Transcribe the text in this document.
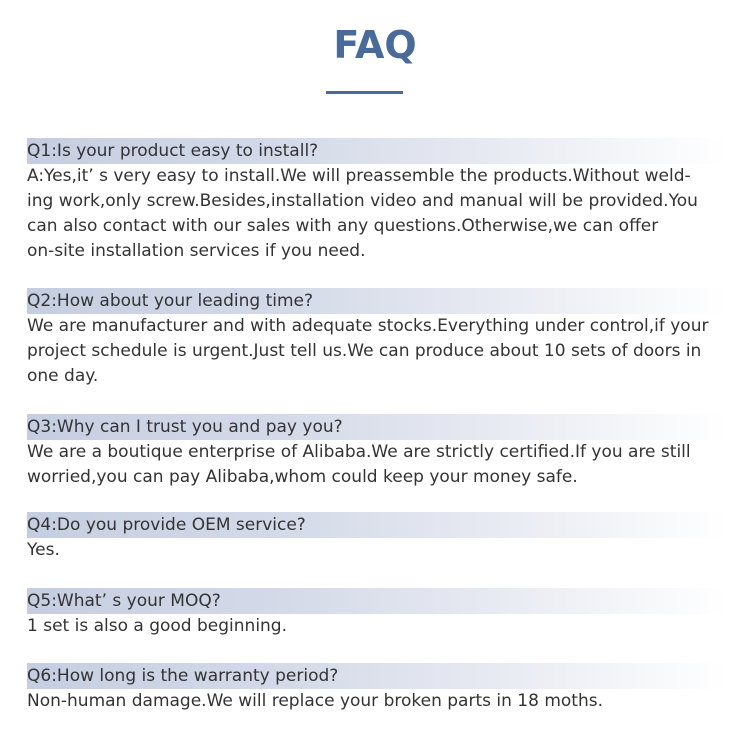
FAQ
Q1:Is your product easy to install?

A:Yes,it’ s very easy to install.We will preassemble the products.Without weld-
ing work,only screw.Besides,installation video and manual will be provided.You
can also contact with our sales with any questions.Otherwise,we can offer
on-site installation services if you need.

Q2:How about your leading time?

We are manufacturer and with adequate stocks.Everything under control,if your
project schedule is urgent.Just tell us.We can produce about 10 sets of doors in
one day.

Q3:Why can I trust you and pay you?

We are a boutique enterprise of Alibaba.We are strictly certified.If you are still
worried,you can pay Alibaba,whom could keep your money safe.

Q4:Do you provide OEM service?

Yes.

Q5:What’ s your MOQ?

1 set is also a good beginning.

Q6:How long is the warranty period?

Non-human damage.We will replace your broken parts in 18 moths.
